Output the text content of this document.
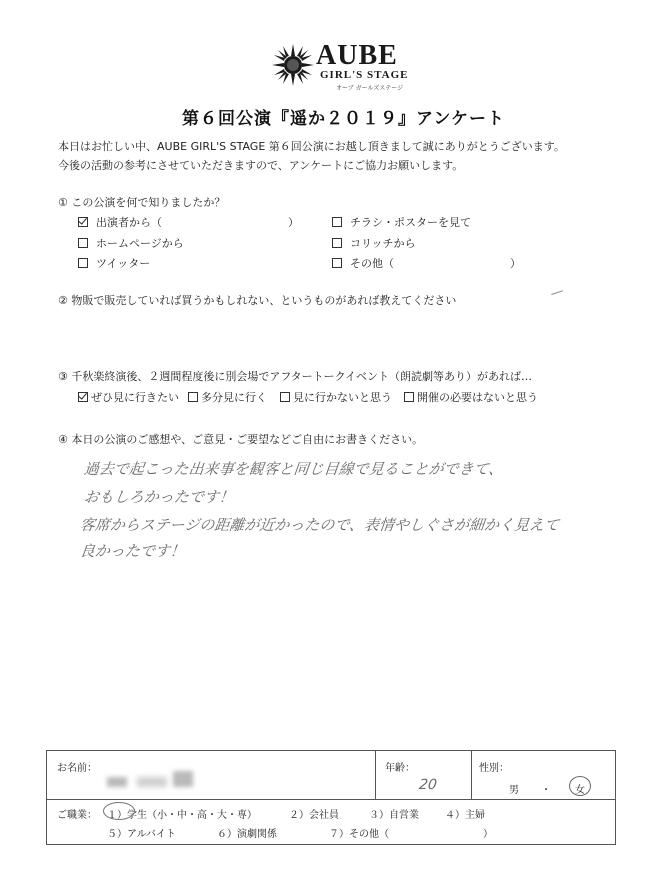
AUBE
GIRL'S STAGE
オーブ ガールズステージ
第６回公演『遥か２０１９』アンケート
本日はお忙しい中、AUBE GIRL'S STAGE 第６回公演にお越し頂きまして誠にありがとうございます。
今後の活動の参考にさせていただきますので、アンケートにご協力お願いします。
① この公演を何で知りましたか？
出演者から（	）	チラシ・ポスターを見て
ホームページから	コリッチから
ツイッター	その他（	）
② 物販で販売していれば買うかもしれない、というものがあれば教えてください
③ 千秋楽終演後、２週間程度後に別会場でアフタートークイベント（朗読劇等あり）があれば…
ぜひ見に行きたい 多分見に行く 見に行かないと思う 開催の必要はないと思う
④ 本日の公演のご感想や、ご意見・ご要望などご自由にお書きください。
過去で起こった出来事を観客と同じ目線で見ることができて、
おもしろかったです！
客席からステージの距離が近かったので、表情やしぐさが細かく見えて
良かったです！
お名前：	年齢：
20
性別：
男 ・ 女
ご職業： １）学生（小・中・高・大・専）	２）会社員	３）自営業	４）主婦
５）アルバイト	６）演劇関係	７）その他（	）
